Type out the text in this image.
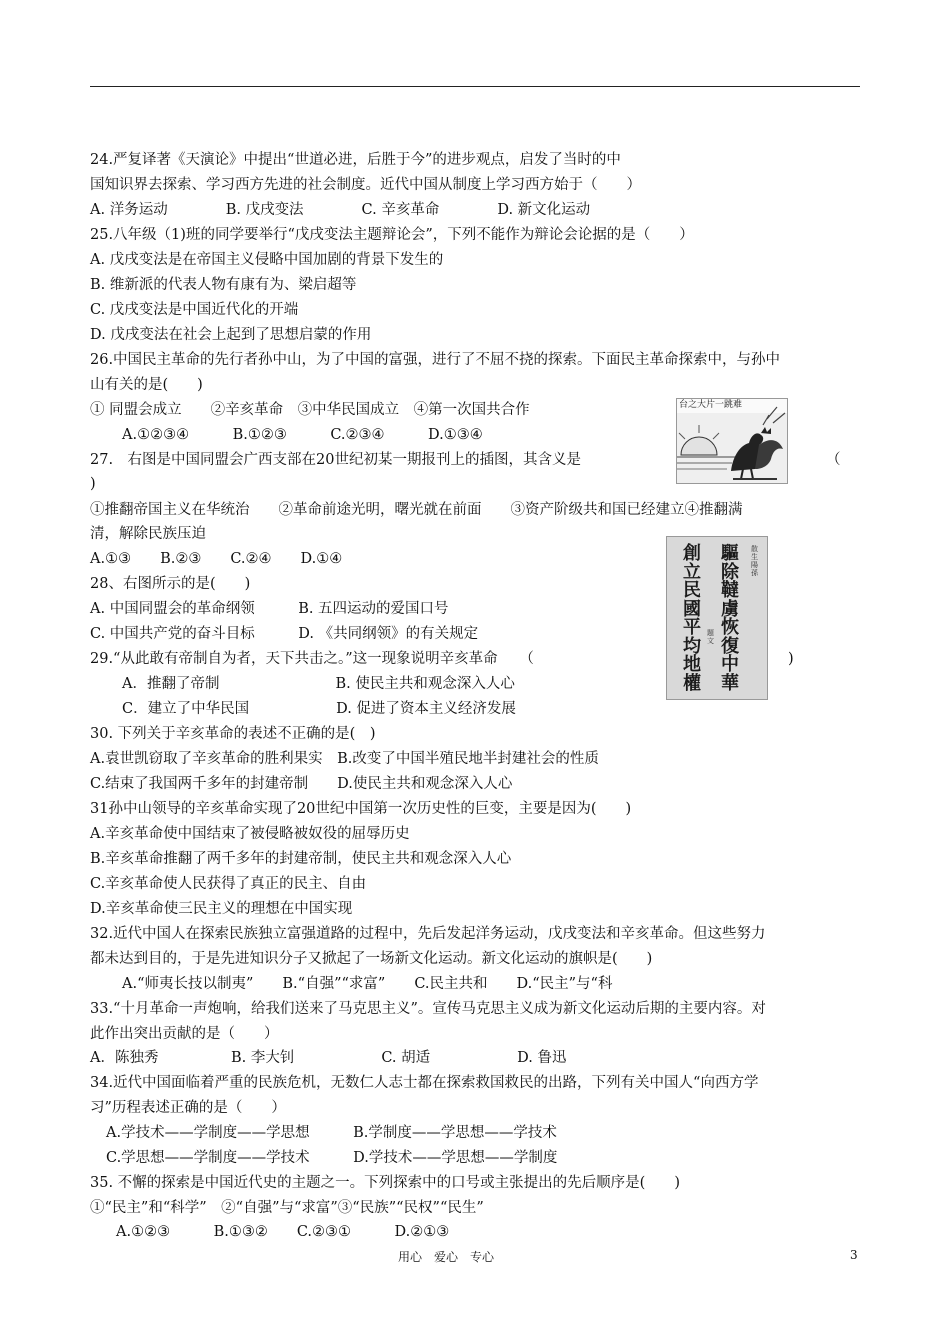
24.严复译著《天演论》中提出“世道必进，后胜于今”的进步观点，启发了当时的中
国知识界去探索、学习西方先进的社会制度。近代中国从制度上学习西方始于（　　）
A. 洋务运动　　　　B. 戊戌变法　　　　C. 辛亥革命　　　　D. 新文化运动
25.八年级（1)班的同学要举行“戊戌变法主题辩论会”，下列不能作为辩论会论据的是（　　）
A. 戊戌变法是在帝国主义侵略中国加剧的背景下发生的
B. 维新派的代表人物有康有为、梁启超等
C. 戊戌变法是中国近代化的开端
D. 戊戌变法在社会上起到了思想启蒙的作用
26.中国民主革命的先行者孙中山，为了中国的富强，进行了不屈不挠的探索。下面民主革命探索中，与孙中
山有关的是(　　)
① 同盟会成立　　②辛亥革命　③中华民国成立　④第一次国共合作
A.①②③④　　　B.①②③　　　C.②③④　　　D.①③④
27.　右图是中国同盟会广西支部在20世纪初某一期报刊上的插图，其含义是	（
)
①推翻帝国主义在华统治　　②革命前途光明，曙光就在前面　　③资产阶级共和国已经建立④推翻满
清，解除民族压迫
A.①③　　B.②③　　C.②④　　D.①④
28、右图所示的是(　　)
A. 中国同盟会的革命纲领　　　B. 五四运动的爱国口号
C. 中国共产党的奋斗目标　　　D. 《共同纲领》的有关规定
29.“从此敢有帝制自为者，天下共击之。”这一现象说明辛亥革命　　（	)
A．推翻了帝制　　　　　　　　B. 使民主共和观念深入人心
C．建立了中华民国　　　　　　D. 促进了资本主义经济发展
30. 下列关于辛亥革命的表述不正确的是(　)
A.袁世凯窃取了辛亥革命的胜利果实　B.改变了中国半殖民地半封建社会的性质
C.结束了我国两千多年的封建帝制　　D.使民主共和观念深入人心
31孙中山领导的辛亥革命实现了20世纪中国第一次历史性的巨变，主要是因为(　　)
A.辛亥革命使中国结束了被侵略被奴役的屈辱历史
B.辛亥革命推翻了两千多年的封建帝制，使民主共和观念深入人心
C.辛亥革命使人民获得了真正的民主、自由
D.辛亥革命使三民主义的理想在中国实现
32.近代中国人在探索民族独立富强道路的过程中，先后发起洋务运动，戊戌变法和辛亥革命。但这些努力
都未达到目的，于是先进知识分子又掀起了一场新文化运动。新文化运动的旗帜是(　　)
A.“师夷长技以制夷”　　B.“自强”“求富”　　C.民主共和　　D.“民主”与“科
33.“十月革命一声炮响，给我们送来了马克思主义”。宣传马克思主义成为新文化运动后期的主要内容。对
此作出突出贡献的是（　　）
A．陈独秀　　　　　B. 李大钊　　　　　　C. 胡适　　　　　　D. 鲁迅
34.近代中国面临着严重的民族危机，无数仁人志士都在探索救国救民的出路，下列有关中国人“向西方学
习”历程表述正确的是（　　）
A.学技术——学制度——学思想　　　B.学制度——学思想——学技术
C.学思想——学制度——学技术　　　D.学技术——学思想——学制度
35. 不懈的探索是中国近代史的主题之一。下列探索中的口号或主张提出的先后顺序是(　　)
①“民主”和“科学”　②“自强”与“求富”③“民族”“民权”“民生”
A.①②③　　　B.①③②　　C.②③①　　　D.②①③
台之大片一跳难
驅除韃虜恢復中華
創立民國平均地權
散生陽孫
題文
用心　爱心　专心	3
